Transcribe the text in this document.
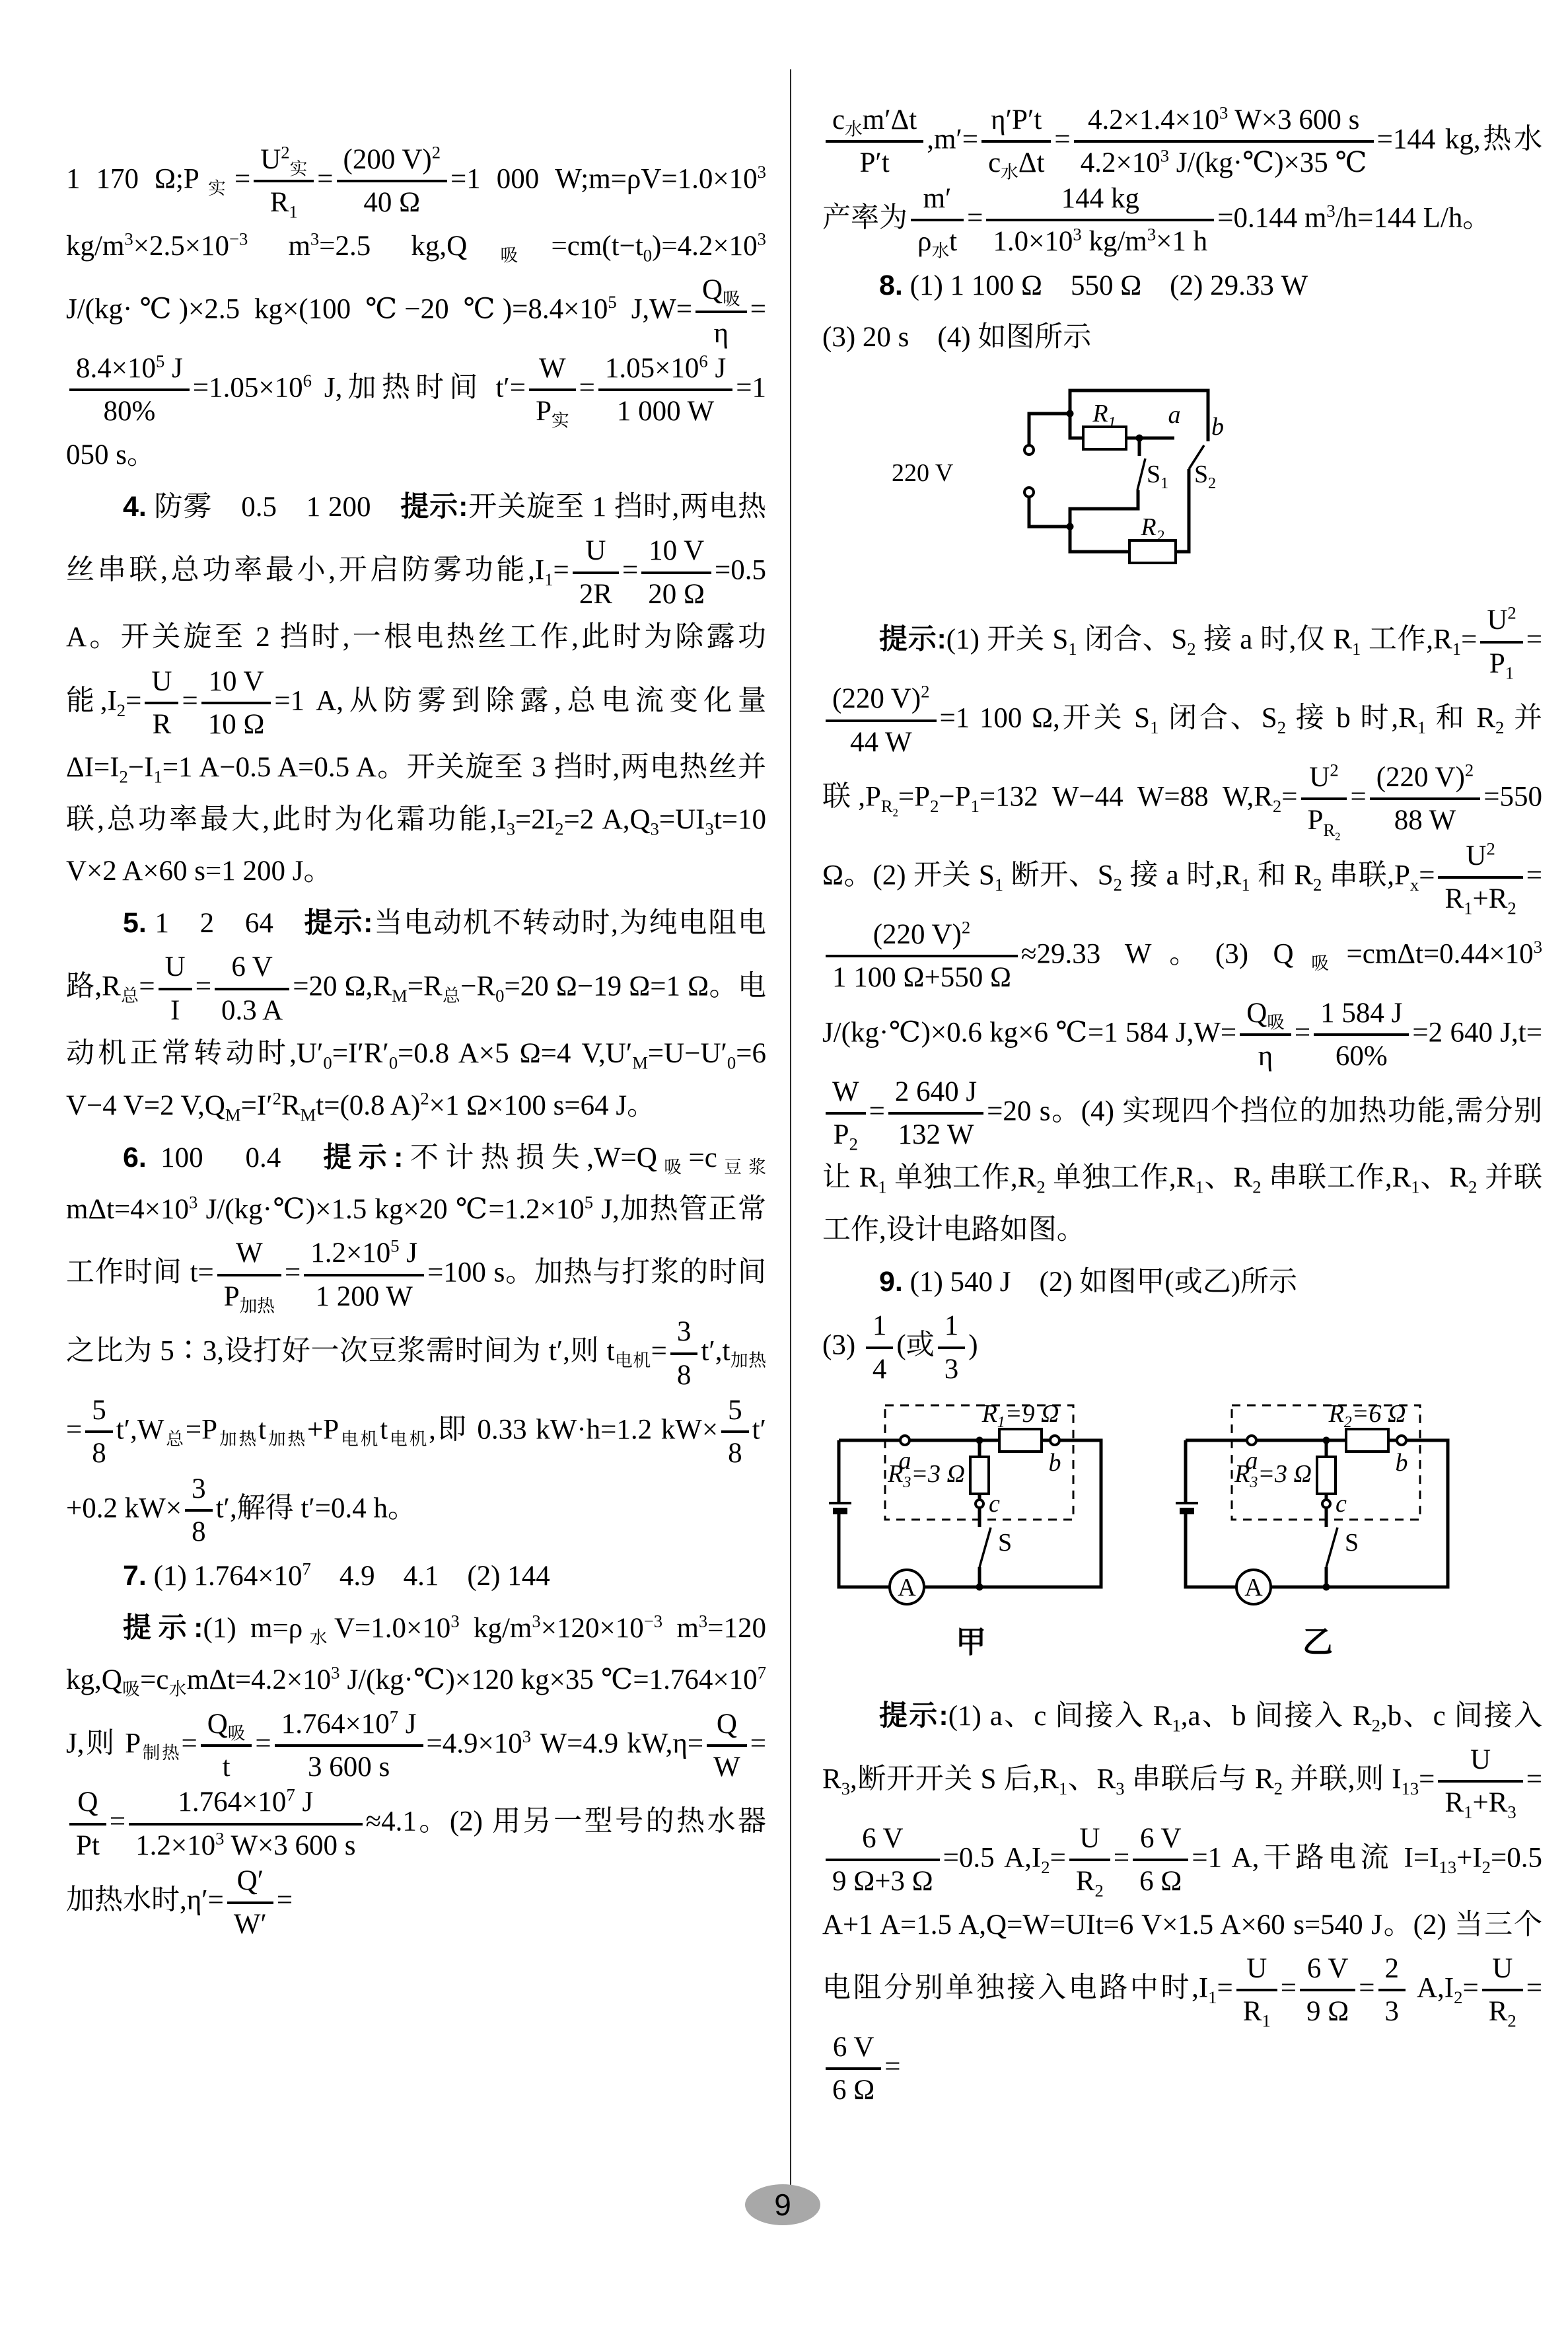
1 170 $\Omega;P_实= \frac{U^2_实}{R_1} = \frac{(200 V)^2}{40 \Omega} =1$ 000 $W;m=\rho V=1.0\times 10^3$ $kg/m^3\times 2.5\times 10^{-3}$ $m^3=2.5$ $kg,Q_吸=cm(t-t_0)=4.2\times 10^3$ J/(kg·℃)×2.5 kg×(100 ℃−20 $℃)=8.4\times 10^5$ $J,W= \frac{Q_吸}{\eta}$ =
$\frac{8.4\times 10^5 J}{80\%} =1.05\times 10^6$ J,加热时间 $t'= \frac{W}{P_实} = \frac{1.05\times 10^6 J}{1 000 W} =1$ 050 s。
4. 防雾　0.5　1 200　提示:开关旋至 1 挡时,两电热丝串联,总功率最小,开启防雾功能$,I_1= \frac{U}{2R} = \frac{10 V}{20 \Omega} =0.5$ A。开关旋至 2 挡时,一根电热丝工作,此时为除露功能$,I_2= \frac{U}{R} = \frac{10 V}{10 \Omega} =1$ A,从防雾到除露,总电流变化量 $\Delta I=I_2-I_1=1$ A−0.5 A=0.5 A。开关旋至 3 挡时,两电热丝并联,总功率最大,此时为化霜功能$,I_3=2I_2=2$ $A,Q_3=UI_3t=10$ V×2 A×60 s=1 200 J。
5. 1　2　64　提示:当电动机不转动时,为纯电阻电路$,R_总= \frac{U}{I} = \frac{6 V}{0.3 A} =20$ $\Omega,R_M=R_总-R_0=20$ Ω−19 Ω=1 Ω。电动机正常转动时$,U'_0=I'R'_0=0.8$ A×5 Ω=4 $V,U'_M=U-U'_0=6$ V−4 V=2 $V,Q_M=I'^2R_Mt=(0.8$ A)$^2$×1 Ω×100 s=64 J。
6. 100　0.4　提示:不计热损失$,W=Q_吸=c_{豆浆}m\Delta t=4\times 10^3$ J/(kg·℃)×1.5 kg×20 $℃=1.2\times 10^5$ J,加热管正常工作时间 $t= \frac{W}{P_{加热}} = \frac{1.2\times 10^5 J}{1 200 W} =100$ s。加热与打浆的时间之比为 5∶3,设打好一次豆浆需时间为 t′,则 $t_{电机}= \frac{3}{8} t',t_{加热}= \frac{5}{8} t',W_总=P_{加热}t_{加热}+P_{电机}t_{电机}$,即 0.33 kW·h=1.2 $kW\times \frac{5}{8} t'+0.2$ $kW\times \frac{3}{8} t'$,解得 t′=0.4 h。
7. (1) $1.764\times 10^7$　4.9　4.1　(2) 144
提示:(1) $m=\rho_水V=1.0\times 10^3$ $kg/m^3\times 120\times 10^{-3}$ $m^3=120$ $kg,Q_吸=c_水m\Delta t=4.2\times 10^3$ J/(kg·℃)×120 kg×35 $℃=1.764\times 10^7$ J,则 $P_{制热}= \frac{Q_吸}{t} = \frac{1.764\times 10^7 J}{3 600 s} =4.9\times 10^3$ W=4.9 $kW,\eta= \frac{Q}{W}$ =
$\frac{Q}{Pt} = \frac{1.764\times 10^7 J}{1.2\times 10^3 W\times 3 600 s} \approx 4.1$。(2) 用另一型号的热水器加热水时$,\eta'= \frac{Q'}{W'}$ =
$\frac{c_水m'\Delta t}{P't} ,m'= \frac{\eta'P't}{c_水\Delta t} = \frac{4.2\times 1.4\times 10^3 W\times 3 600 s}{4.2\times 10^3 J/(kg\cdot℃)\times 35 ℃} =144$ kg,热水产率为 $\frac{m'}{\rho_水t} = \frac{144 kg}{1.0\times 10^3 kg/m^3\times 1 h} =0.144$ $m^3/h=144$ L/h。
8. (1) 1 100 Ω　550 Ω　(2) 29.33 W
(3) 20 s　(4) 如图所示
220 V
$R_1$
$R_2$
$S_1$ $S_2$
a b
提示:(1) 开关 $S_1$ 闭合、$S_2$ 接 a 时,仅 $R_1$ 工作$,R_1= \frac{U^2}{P_1}$ =
$\frac{(220 V)^2}{44 W} =1$ 100 Ω,开关 $S_1$ 闭合、$S_2$ 接 b 时$,R_1$ 和 $R_2$ 并联$,P_{R_2}=P_2-P_1=132$ W−44 W=88 $W,R_2= \frac{U^2}{P_{R_2}} = \frac{(220 V)^2}{88 W} =550$ Ω。(2) 开关 $S_1$ 断开、$S_2$ 接 a 时$,R_1$ 和 $R_2$ 串联$,P_x= \frac{U^2}{R_1+R_2}$ =
$\frac{(220 V)^2}{1 100 \Omega+550 \Omega} \approx 29.33$ W。(3) $Q_吸=cm\Delta t=0.44\times 10^3$ J/(kg·℃)×0.6 kg×6 ℃=1 584 $J,W= \frac{Q_吸}{\eta} = \frac{1 584 J}{60\%} =2$ 640 J,t=
$\frac{W}{P_2} = \frac{2 640 J}{132 W} =20$ s。(4) 实现四个挡位的加热功能,需分别让 $R_1$ 单独工作$,R_2$ 单独工作$,R_1$、$R_2$ 串联工作$,R_1$、$R_2$ 并联工作,设计电路如图。
9. (1) 540 J　(2) 如图甲(或乙)所示
$(3) \frac{1}{4}$ (或 $\frac{1}{3}$ )
$R_1=9$ Ω
$R_3=3$ Ω
a	b
c
S
A
甲
$R_2=6$ Ω
$R_3=3$ Ω
a	b
c
S
A
乙
提示:(1) a、c 间接入 $R_1,a$、b 间接入 $R_2,b$、c 间接入 $R_3$,断开开关 S 后$,R_1$、$R_3$ 串联后与 $R_2$ 并联,则 $I_{13}= \frac{U}{R_1+R_3}$ =
$\frac{6 V}{9 \Omega+3 \Omega} =0.5$ $A,I_2= \frac{U}{R_2} = \frac{6 V}{6 \Omega} =1$ A,干路电流 $I=I_{13}+I_2=0.5$ A+1 A=1.5 A,Q=W=UIt=6 V×1.5 A×60 s=540 J。(2) 当三个电阻分别单独接入电路中时$,I_1= \frac{U}{R_1} = \frac{6 V}{9 \Omega} = \frac{2}{3} A,I_2= \frac{U}{R_2}$ =
$\frac{6 V}{6 \Omega}$ =
9
